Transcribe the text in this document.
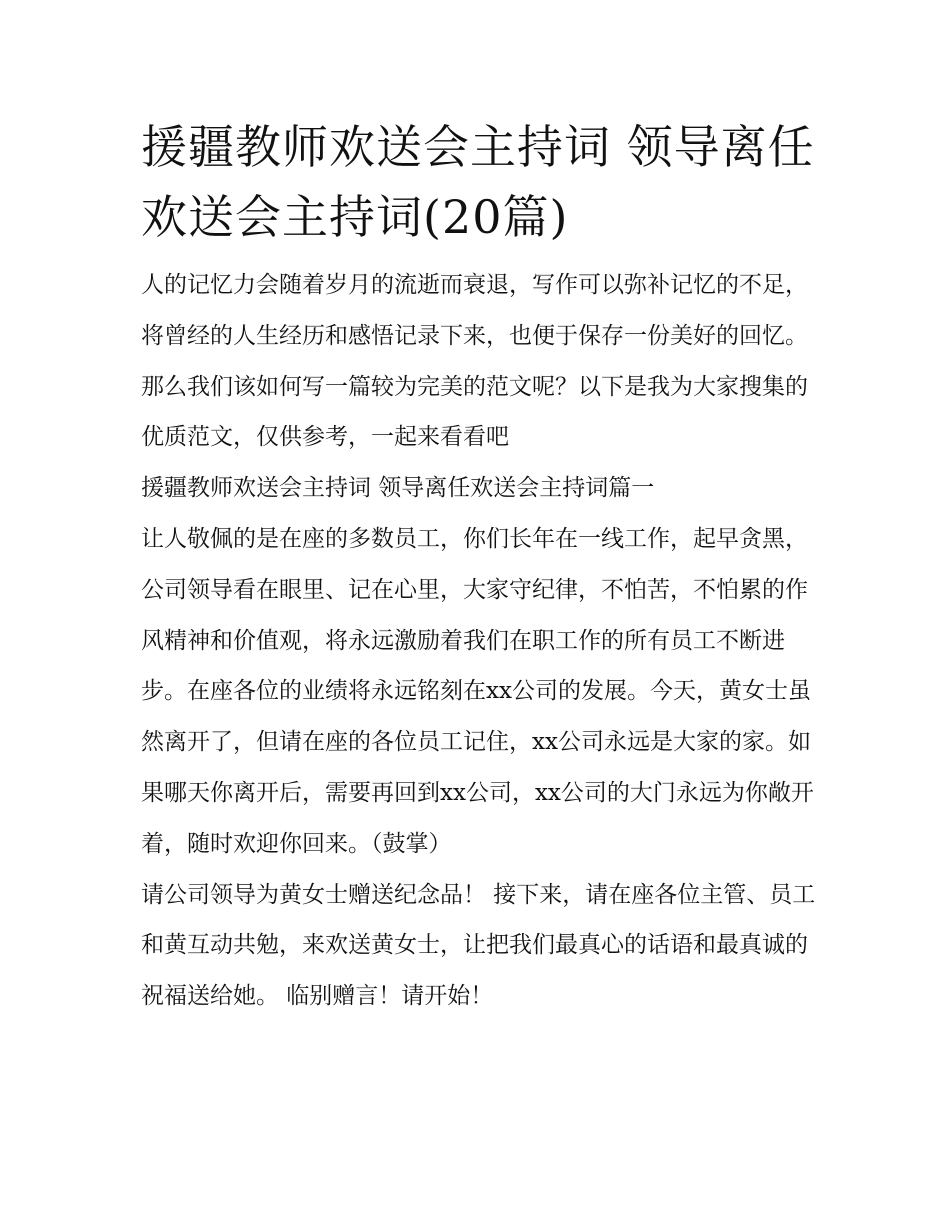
援疆教师欢送会主持词 领导离任欢送会主持词(20篇)

人的记忆力会随着岁月的流逝而衰退，写作可以弥补记忆的不足，将曾经的人生经历和感悟记录下来，也便于保存一份美好的回忆。那么我们该如何写一篇较为完美的范文呢？以下是我为大家搜集的优质范文，仅供参考，一起来看看吧

援疆教师欢送会主持词 领导离任欢送会主持词篇一

让人敬佩的是在座的多数员工，你们长年在一线工作，起早贪黑，公司领导看在眼里、记在心里，大家守纪律，不怕苦，不怕累的作风精神和价值观，将永远激励着我们在职工作的所有员工不断进步。在座各位的业绩将永远铭刻在xx公司的发展。今天，黄女士虽然离开了，但请在座的各位员工记住，xx公司永远是大家的家。如果哪天你离开后，需要再回到xx公司，xx公司的大门永远为你敞开着，随时欢迎你回来。（鼓掌）

请公司领导为黄女士赠送纪念品！ 接下来，请在座各位主管、员工和黄互动共勉，来欢送黄女士，让把我们最真心的话语和最真诚的祝福送给她。 临别赠言！请开始！
